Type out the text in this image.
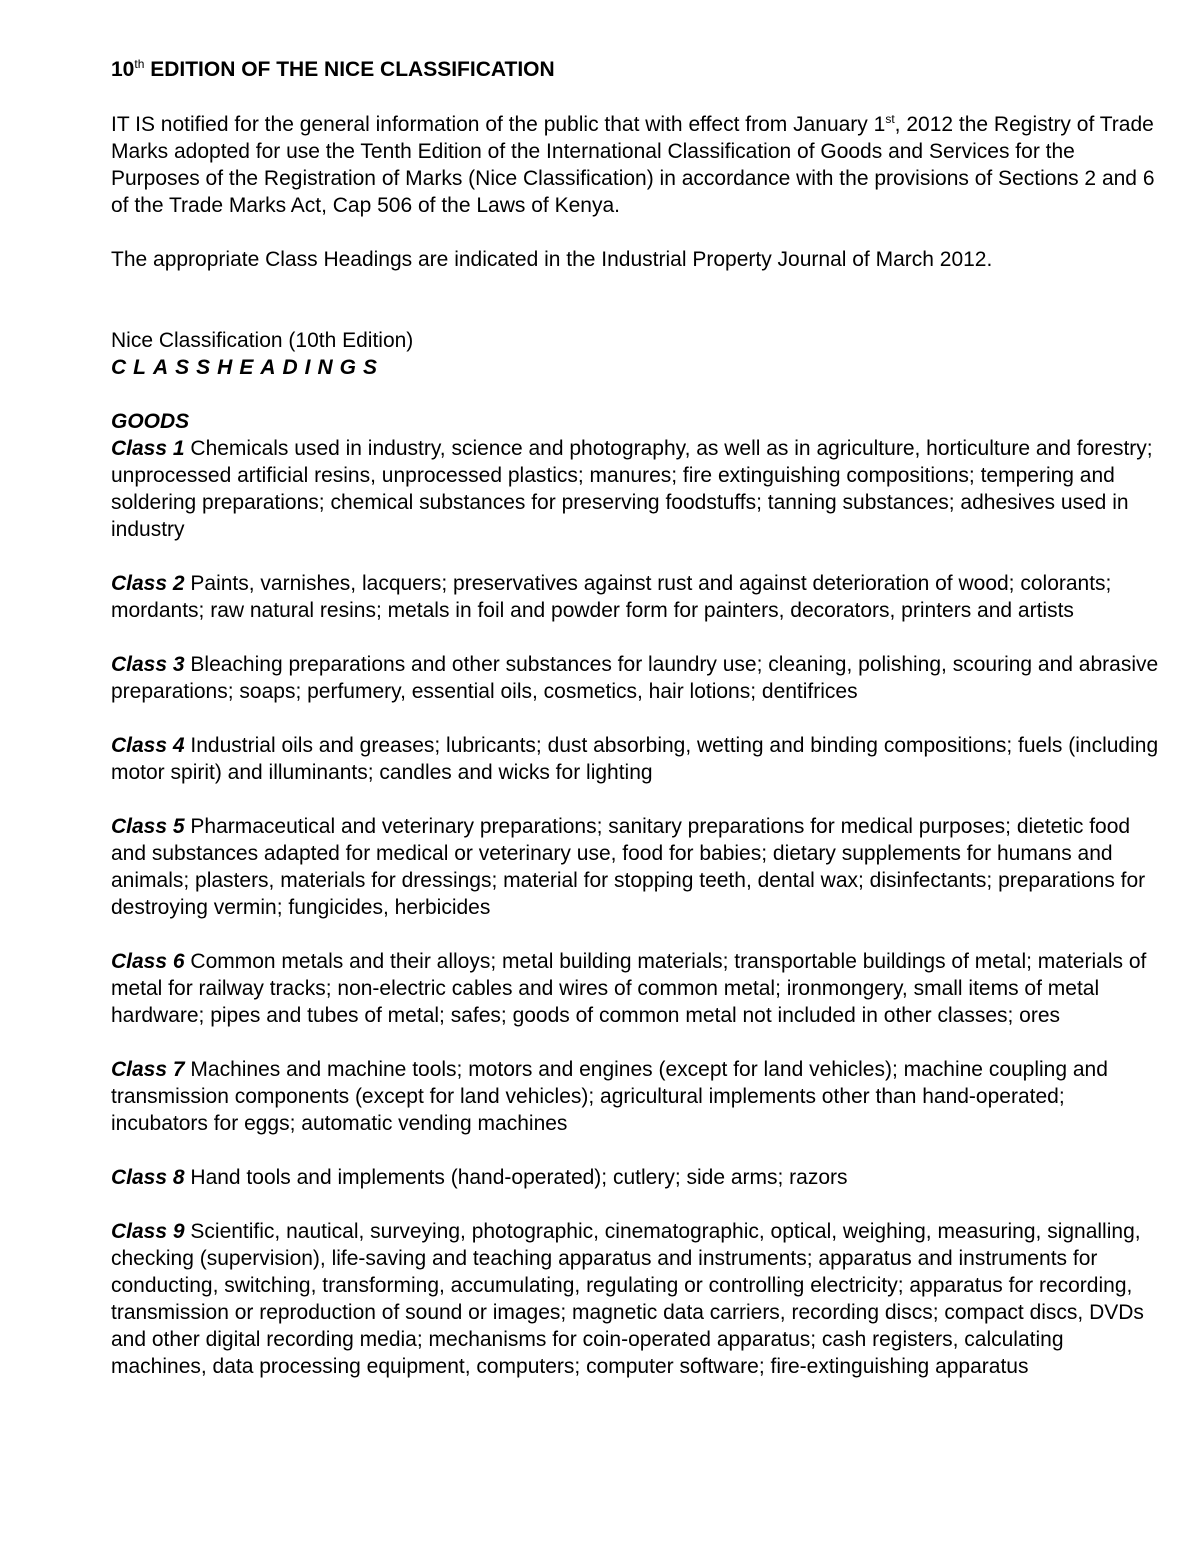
10th EDITION OF THE NICE CLASSIFICATION

IT IS notified for the general information of the public that with effect from January 1st, 2012 the Registry of Trade Marks adopted for use the Tenth Edition of the International Classification of Goods and Services for the Purposes of the Registration of Marks (Nice Classification) in accordance with the provisions of Sections 2 and 6 of the Trade Marks Act, Cap 506 of the Laws of Kenya.

The appropriate Class Headings are indicated in the Industrial Property Journal of March 2012.

Nice Classification (10th Edition)

CLASSHEADINGS

GOODS

Class 1 Chemicals used in industry, science and photography, as well as in agriculture, horticulture and forestry; unprocessed artificial resins, unprocessed plastics; manures; fire extinguishing compositions; tempering and soldering preparations; chemical substances for preserving foodstuffs; tanning substances; adhesives used in industry

Class 2 Paints, varnishes, lacquers; preservatives against rust and against deterioration of wood; colorants; mordants; raw natural resins; metals in foil and powder form for painters, decorators, printers and artists

Class 3 Bleaching preparations and other substances for laundry use; cleaning, polishing, scouring and abrasive preparations; soaps; perfumery, essential oils, cosmetics, hair lotions; dentifrices

Class 4 Industrial oils and greases; lubricants; dust absorbing, wetting and binding compositions; fuels (including motor spirit) and illuminants; candles and wicks for lighting

Class 5 Pharmaceutical and veterinary preparations; sanitary preparations for medical purposes; dietetic food and substances adapted for medical or veterinary use, food for babies; dietary supplements for humans and animals; plasters, materials for dressings; material for stopping teeth, dental wax; disinfectants; preparations for destroying vermin; fungicides, herbicides

Class 6 Common metals and their alloys; metal building materials; transportable buildings of metal; materials of metal for railway tracks; non-electric cables and wires of common metal; ironmongery, small items of metal hardware; pipes and tubes of metal; safes; goods of common metal not included in other classes; ores

Class 7 Machines and machine tools; motors and engines (except for land vehicles); machine coupling and transmission components (except for land vehicles); agricultural implements other than hand-operated; incubators for eggs; automatic vending machines

Class 8 Hand tools and implements (hand-operated); cutlery; side arms; razors

Class 9 Scientific, nautical, surveying, photographic, cinematographic, optical, weighing, measuring, signalling, checking (supervision), life-saving and teaching apparatus and instruments; apparatus and instruments for conducting, switching, transforming, accumulating, regulating or controlling electricity; apparatus for recording, transmission or reproduction of sound or images; magnetic data carriers, recording discs; compact discs, DVDs and other digital recording media; mechanisms for coin-operated apparatus; cash registers, calculating machines, data processing equipment, computers; computer software; fire-extinguishing apparatus
